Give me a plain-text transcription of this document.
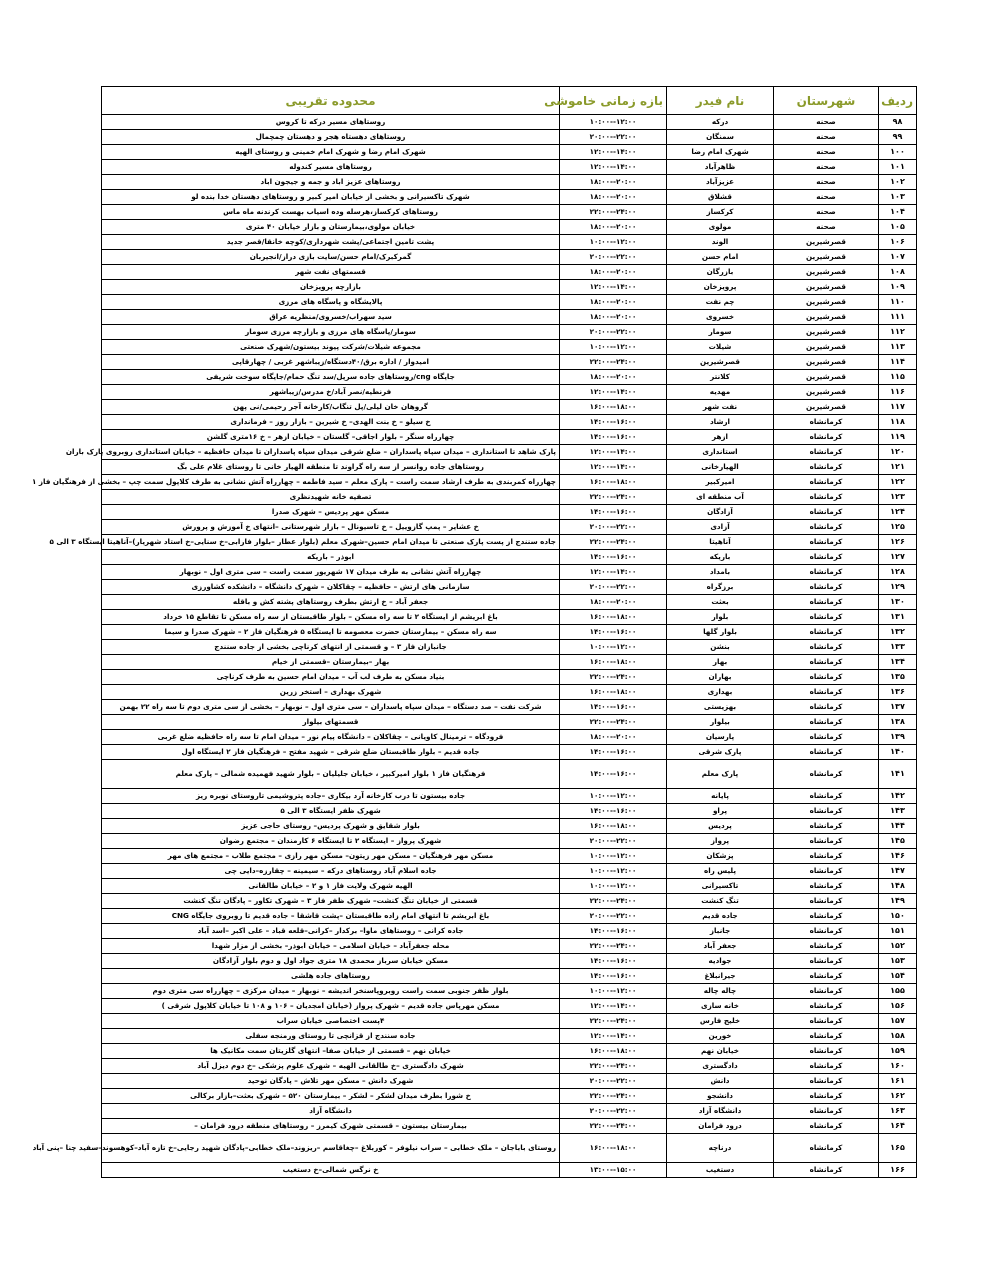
ردیف	شهرستان	نام فیدر	بازه زمانی خاموشی	محدوده تقریبی
۹۸	صحنه	درکه	۱۰:۰۰--۱۲:۰۰	روستاهای مسیر درکه تا کروس
۹۹	صحنه	سمنگان	۲۰:۰۰--۲۲:۰۰	روستاهای دهستاه هجر و دهستان چمچمال
۱۰۰	صحنه	شهرک امام رضا	۱۲:۰۰--۱۴:۰۰	شهرک امام رضا و شهرک امام خمینی و روستای الهیه
۱۰۱	صحنه	ظاهرآباد	۱۲:۰۰--۱۴:۰۰	روستاهای مسیر کندوله
۱۰۲	صحنه	عزیزآباد	۱۸:۰۰--۲۰:۰۰	روستاهای عزیز اباد و جمه و جیجون اباد
۱۰۳	صحنه	قشلاق	۱۸:۰۰--۲۰:۰۰	شهرک تاکسیرانی و بخشی از خیابان امیر کبیر و روستاهای دهستان خدا بنده لو
۱۰۴	صحنه	کرکساز	۲۲:۰۰--۲۴:۰۰	روستاهای کرکساز،هرسله وده اسیاب بهست کرندنه ماه ماس
۱۰۵	صحنه	مولوی	۱۸:۰۰--۲۰:۰۰	خیابان مولوی،بیمارستان و بازار خیابان ۴۰ متری
۱۰۶	قصرشیرین	الوند	۱۰:۰۰--۱۲:۰۰	پشت تامین اجتماعی/پشت شهرداری/کوچه خانقا/قصر جدید
۱۰۷	قصرشیرین	امام حسن	۲۰:۰۰--۲۲:۰۰	گمرکبرک/امام حسن/سایت بازی دراز/انجیربان
۱۰۸	قصرشیرین	بازرگان	۱۸:۰۰--۲۰:۰۰	قسمتهای نفت شهر
۱۰۹	قصرشیرین	پرویزخان	۱۲:۰۰--۱۴:۰۰	بازارچه پرویزخان
۱۱۰	قصرشیرین	چم نفت	۱۸:۰۰--۲۰:۰۰	پالایشگاه و پاسگاه های مرزی
۱۱۱	قصرشیرین	خسروی	۱۸:۰۰--۲۰:۰۰	سید سهراب/خسروی/منظریه عراق
۱۱۲	قصرشیرین	سومار	۲۰:۰۰--۲۲:۰۰	سومار/پاسگاه های مرزی و بازارچه مرزی سومار
۱۱۳	قصرشیرین	شیلات	۱۰:۰۰--۱۲:۰۰	مجموعه شیلات/شرکت پیوند بیستون/شهرک صنعتی
۱۱۴	قصرشیرین	قصرشیرین	۲۲:۰۰--۲۴:۰۰	امیدوار / اداره برق/۴۰دستگاه/زیباشهر غربی / چهارقاپی
۱۱۵	قصرشیرین	کلانتر	۱۸:۰۰--۲۰:۰۰	جایگاه cng/روستاهای جاده سرپل/سد تنگ حمام/جایگاه سوخت شریفی
۱۱۶	قصرشیرین	مهدیه	۱۲:۰۰--۱۴:۰۰	فرنطیه/نصر آباد/خ مدرس/زیباشهر
۱۱۷	قصرشیرین	نفت شهر	۱۶:۰۰--۱۸:۰۰	گروهان خان لیلی/پل تنگاب/کارخانه آجر رحیمی/نی پهن
۱۱۸	کرمانشاه	ارشاد	۱۴:۰۰--۱۶:۰۰	خ سیلو – خ بنت الهدی– خ شیرین – بازار روز – فرمانداری
۱۱۹	کرمانشاه	ازهر	۱۴:۰۰--۱۶:۰۰	چهارراه سنگر – بلوار اجاقی– گلستان – خیابان ازهر – خ ۱۶متری گلشن
۱۲۰	کرمانشاه	استانداری	۱۲:۰۰--۱۴:۰۰	پارک شاهد تا استانداری – میدان سپاه پاسداران – ضلع شرقی میدان سپاه پاسداران تا میدان حافظیه – خیابان استانداری روبروی پارک باران
۱۲۱	کرمانشاه	الهیارخانی	۱۲:۰۰--۱۴:۰۰	روستاهای جاده روانسر از سه راه گراوند تا منطقه الهیار خانی تا روستای غلام علی بگ
۱۲۲	کرمانشاه	امیرکبیر	۱۶:۰۰--۱۸:۰۰	چهارراه کمربندی به طرف ارشاد سمت راست – پارک معلم – سید فاطمه – چهارراه آتش نشانی به طرف کلاپول سمت چپ – بخشی از فرهنگیان فاز ۱
۱۲۳	کرمانشاه	آب منطقه ای	۲۲:۰۰--۲۴:۰۰	تصفیه خانه شهیدنظری
۱۲۴	کرمانشاه	آزادگان	۱۴:۰۰--۱۶:۰۰	مسکن مهر پردیس – شهرک صدرا
۱۲۵	کرمانشاه	آزادی	۲۰:۰۰--۲۲:۰۰	خ عشایر – پمپ گازوییل – خ تاسیونال – بازار شهرستانی –انتهای خ آموزش و پرورش
۱۲۶	کرمانشاه	آناهیتا	۲۲:۰۰--۲۴:۰۰	جاده سنندج از پست پارک صنعتی تا میدان امام حسین–شهرک معلم (بلوار عطار –بلوار فارابی–خ سنایی–خ استاد شهریار)–آناهیتا ایستگاه ۳ الی ۵
۱۲۷	کرمانشاه	باریکه	۱۴:۰۰--۱۶:۰۰	ابوذر – باریکه
۱۲۸	کرمانشاه	بامداد	۱۲:۰۰--۱۴:۰۰	چهارراه آتش نشانی به طرف میدان ۱۷ شهریور سمت راست – سی متری اول – نوبهار
۱۲۹	کرمانشاه	برزگراه	۲۰:۰۰--۲۲:۰۰	سازمانی های ارتش – حافظیه – چقاکلان – شهرک دانشگاه – دانشکده کشاورزی
۱۳۰	کرمانشاه	بعثت	۱۸:۰۰--۲۰:۰۰	جعفر آباد – خ ارتش بطرف روستاهای پشته کش و باقله
۱۳۱	کرمانشاه	بلوار	۱۶:۰۰--۱۸:۰۰	باغ ابریشم از ایستگاه ۲ تا سه راه مسکن – بلوار طاقبستان از سه راه مسکن تا تقاطع ۱۵ خرداد
۱۳۲	کرمانشاه	بلوار گلها	۱۴:۰۰--۱۶:۰۰	سه راه مسکن – بیمارستان حضرت معصومه تا ایستگاه ۵ فرهنگیان فاز ۲ – شهرک صدرا و سیما
۱۳۳	کرمانشاه	بنشن	۱۰:۰۰--۱۲:۰۰	جانبازان فاز ۳ – و قسمتی از انتهای کرناچی بخشی از جاده سنندج
۱۳۴	کرمانشاه	بهار	۱۶:۰۰--۱۸:۰۰	بهار –بیمارستان –قسمتی از خیام
۱۳۵	کرمانشاه	بهاران	۲۲:۰۰--۲۴:۰۰	بنیاد مسکن به طرف لب آب – میدان امام حسین به طرف کرناچی
۱۳۶	کرمانشاه	بهداری	۱۶:۰۰--۱۸:۰۰	شهرک بهداری – استخر زرین
۱۳۷	کرمانشاه	بهزیستی	۱۴:۰۰--۱۶:۰۰	شرکت نفت – صد دستگاه – میدان سپاه پاسداران – سی متری اول – نوبهار – بخشی از سی متری دوم تا سه راه ۲۲ بهمن
۱۳۸	کرمانشاه	بیلوار	۲۲:۰۰--۲۴:۰۰	قسمتهای بیلوار
۱۳۹	کرمانشاه	پارسیان	۱۸:۰۰--۲۰:۰۰	فرودگاه – ترمینال کاویانی – چقاکلان – دانشگاه پیام نور – میدان امام تا سه راه حافظیه ضلع غربی
۱۴۰	کرمانشاه	پارک شرقی	۱۴:۰۰--۱۶:۰۰	جاده قدیم – بلوار طاقبستان ضلع شرقی – شهید مفتح – فرهنگیان فاز ۲ ایستگاه اول
۱۴۱	کرمانشاه	پارک معلم	۱۴:۰۰--۱۶:۰۰	فرهنگیان فاز ۱ بلوار امیرکبیر ، خیابان جلیلیان – بلوار شهید فهمیده شمالی – پارک معلم
۱۴۲	کرمانشاه	پایانه	۱۰:۰۰--۱۲:۰۰	جاده بیستون تا درب کارخانه آرد بیکاری –جاده پتروشیمی تاروستای نوبره ریز
۱۴۳	کرمانشاه	پراو	۱۴:۰۰--۱۶:۰۰	شهرک ظفر ایستگاه ۳ الی ۵
۱۴۴	کرمانشاه	پردیس	۱۶:۰۰--۱۸:۰۰	بلوار شقایق و شهرک پردیس– روستای حاجی عزیز
۱۴۵	کرمانشاه	پرواز	۲۰:۰۰--۲۲:۰۰	شهرک پرواز – ایستگاه ۲ تا ایستگاه ۶ کارمندان – مجتمع رضوان
۱۴۶	کرمانشاه	پزشکان	۱۰:۰۰--۱۲:۰۰	مسکن مهر فرهنگیان – مسکن مهر زیتون– مسکن مهر رازی – مجتمع طلاب – مجتمع های مهر
۱۴۷	کرمانشاه	پلیس راه	۱۰:۰۰--۱۲:۰۰	جاده اسلام آباد روستاهای درکه – سیمینه – چقارزه–دایی چی
۱۴۸	کرمانشاه	تاکسیرانی	۱۰:۰۰--۱۲:۰۰	الهیه شهرک ولایت فاز ۱ و ۲ – خیابان طالقانی
۱۴۹	کرمانشاه	تنگ کنشت	۲۲:۰۰--۲۴:۰۰	قسمتی از خیابان تنگ کنشت– شهرک ظفر فاز ۳ – شهرک تکاور – پادگان تنگ کنشت
۱۵۰	کرمانشاه	جاده قدیم	۲۰:۰۰--۲۲:۰۰	باغ ابریشم تا انتهای امام زاده طاقبستان –پشت قاشقا – جاده قدیم تا روبروی جایگاه CNG
۱۵۱	کرمانشاه	جانباز	۱۴:۰۰--۱۶:۰۰	جاده کرانی – روستاهای ماوا– برکدار –کرانی–قلعه قباد – علی اکبر –اسد آباد
۱۵۲	کرمانشاه	جعفر آباد	۲۲:۰۰--۲۴:۰۰	محله جعفرآباد – خیابان اسلامی – خیابان ابوذر– بخشی از مزار شهدا
۱۵۳	کرمانشاه	جوادیه	۱۴:۰۰--۱۶:۰۰	مسکن خیابان سرباز محمدی ۱۸ متری جواد اول و دوم بلوار آزادگان
۱۵۴	کرمانشاه	جیرانبلاغ	۱۴:۰۰--۱۶:۰۰	روستاهای جاده هلشی
۱۵۵	کرمانشاه	چاله چاله	۱۰:۰۰--۱۲:۰۰	بلوار ظفر جنوبی سمت راست روبروپاسنخر اندیشه – نوبهار – میدان مرکزی – چهارراه سی متری دوم
۱۵۶	کرمانشاه	خانه سازی	۱۲:۰۰--۱۴:۰۰	مسکن مهرپاس جاده قدیم – شهرک پرواز (خیابان امجدیان – ۱۰۶ و ۱۰۸ تا خیابان کلاپول شرقی )
۱۵۷	کرمانشاه	خلیج فارس	۲۲:۰۰--۲۴:۰۰	۴پست اختصاصی خیابان سراب
۱۵۸	کرمانشاه	خورین	۱۲:۰۰--۱۴:۰۰	جاده سنندج از قزانچی تا روستای ورمنجه سفلی
۱۵۹	کرمانشاه	خیابان نهم	۱۶:۰۰--۱۸:۰۰	خیابان نهم – قسمتی از خیابان صفا– انتهای گلزیتان سمت مکانیک ها
۱۶۰	کرمانشاه	دادگستری	۲۲:۰۰--۲۴:۰۰	شهرک دادگستری –خ طالقانی الهیه – شهرک علوم پزشکی –خ دوم دیزل آباد
۱۶۱	کرمانشاه	دانش	۲۰:۰۰--۲۲:۰۰	شهرک دانش – مسکن مهر تلاش – پادگان توحید
۱۶۲	کرمانشاه	دانشجو	۲۲:۰۰--۲۴:۰۰	خ شورا بطرف میدان لشکر – لشکر – بیمارستان ۵۲۰ – شهرک بعثت–بازار برکالی
۱۶۳	کرمانشاه	دانشگاه آزاد	۲۰:۰۰--۲۲:۰۰	دانشگاه آزاد
۱۶۴	کرمانشاه	درود فرامان	۲۲:۰۰--۲۴:۰۰	بیمارستان بیستون – قسمتی شهرک کیمرز – روستاهای منطقه درود فرامان –
۱۶۵	کرمانشاه	درناچه	۱۶:۰۰--۱۸:۰۰	روستای باباجان – ملک خطابی – سراب نیلوفر – کوربلاغ –چغاقاسم –ریزوند–ملک خطابی–پادگان شهید رجایی–خ تازه آباد–کوهسوند–سفید چنا –پنی آباد
۱۶۶	کرمانشاه	دستغیب	۱۳:۰۰--۱۵:۰۰	خ نرگس شمالی–خ دستغیب
